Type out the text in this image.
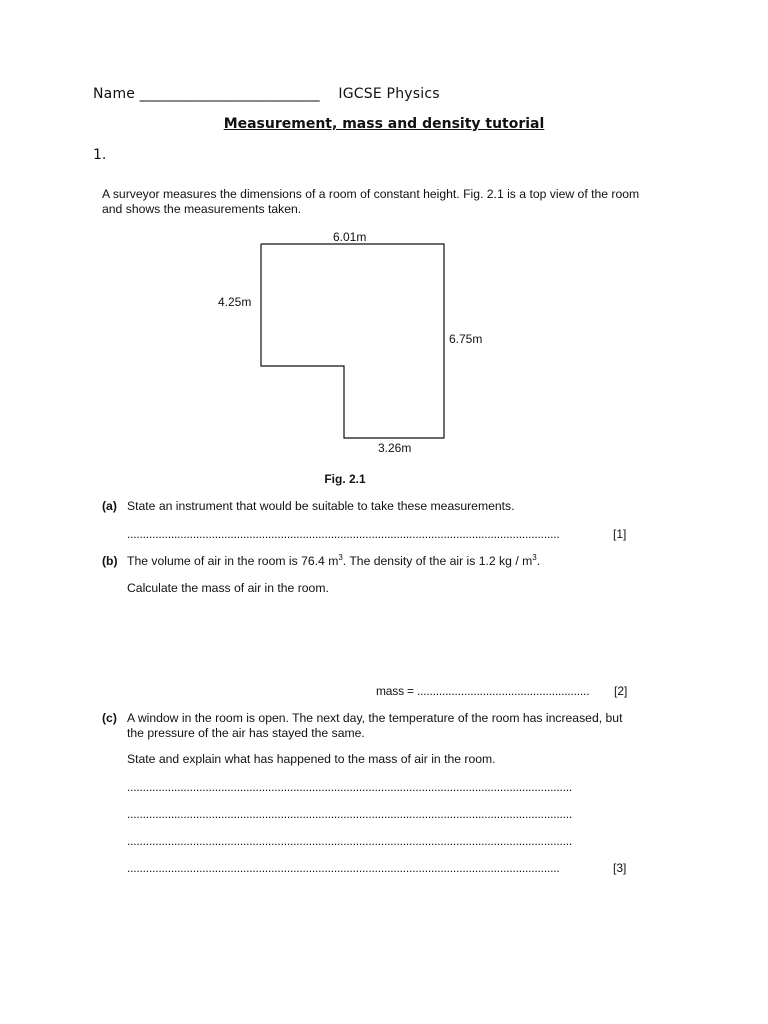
Name _________________________ IGCSE Physics
Measurement, mass and density tutorial
1.
A surveyor measures the dimensions of a room of constant height. Fig. 2.1 is a top view of the room and shows the measurements taken.
6.01m
4.25m
6.75m
3.26m
Fig. 2.1
(a) State an instrument that would be suitable to take these measurements.
..........................................................................................................................................	[1]
(b) The volume of air in the room is 76.4 $m^3$. The density of the air is 1.2 kg / $m^3$.
Calculate the mass of air in the room.
mass = ....................................................... [2]
(c) A window in the room is open. The next day, the temperature of the room has increased, but the pressure of the air has stayed the same.
State and explain what has happened to the mass of air in the room.
..............................................................................................................................................
..............................................................................................................................................
..............................................................................................................................................
..........................................................................................................................................	[3]
